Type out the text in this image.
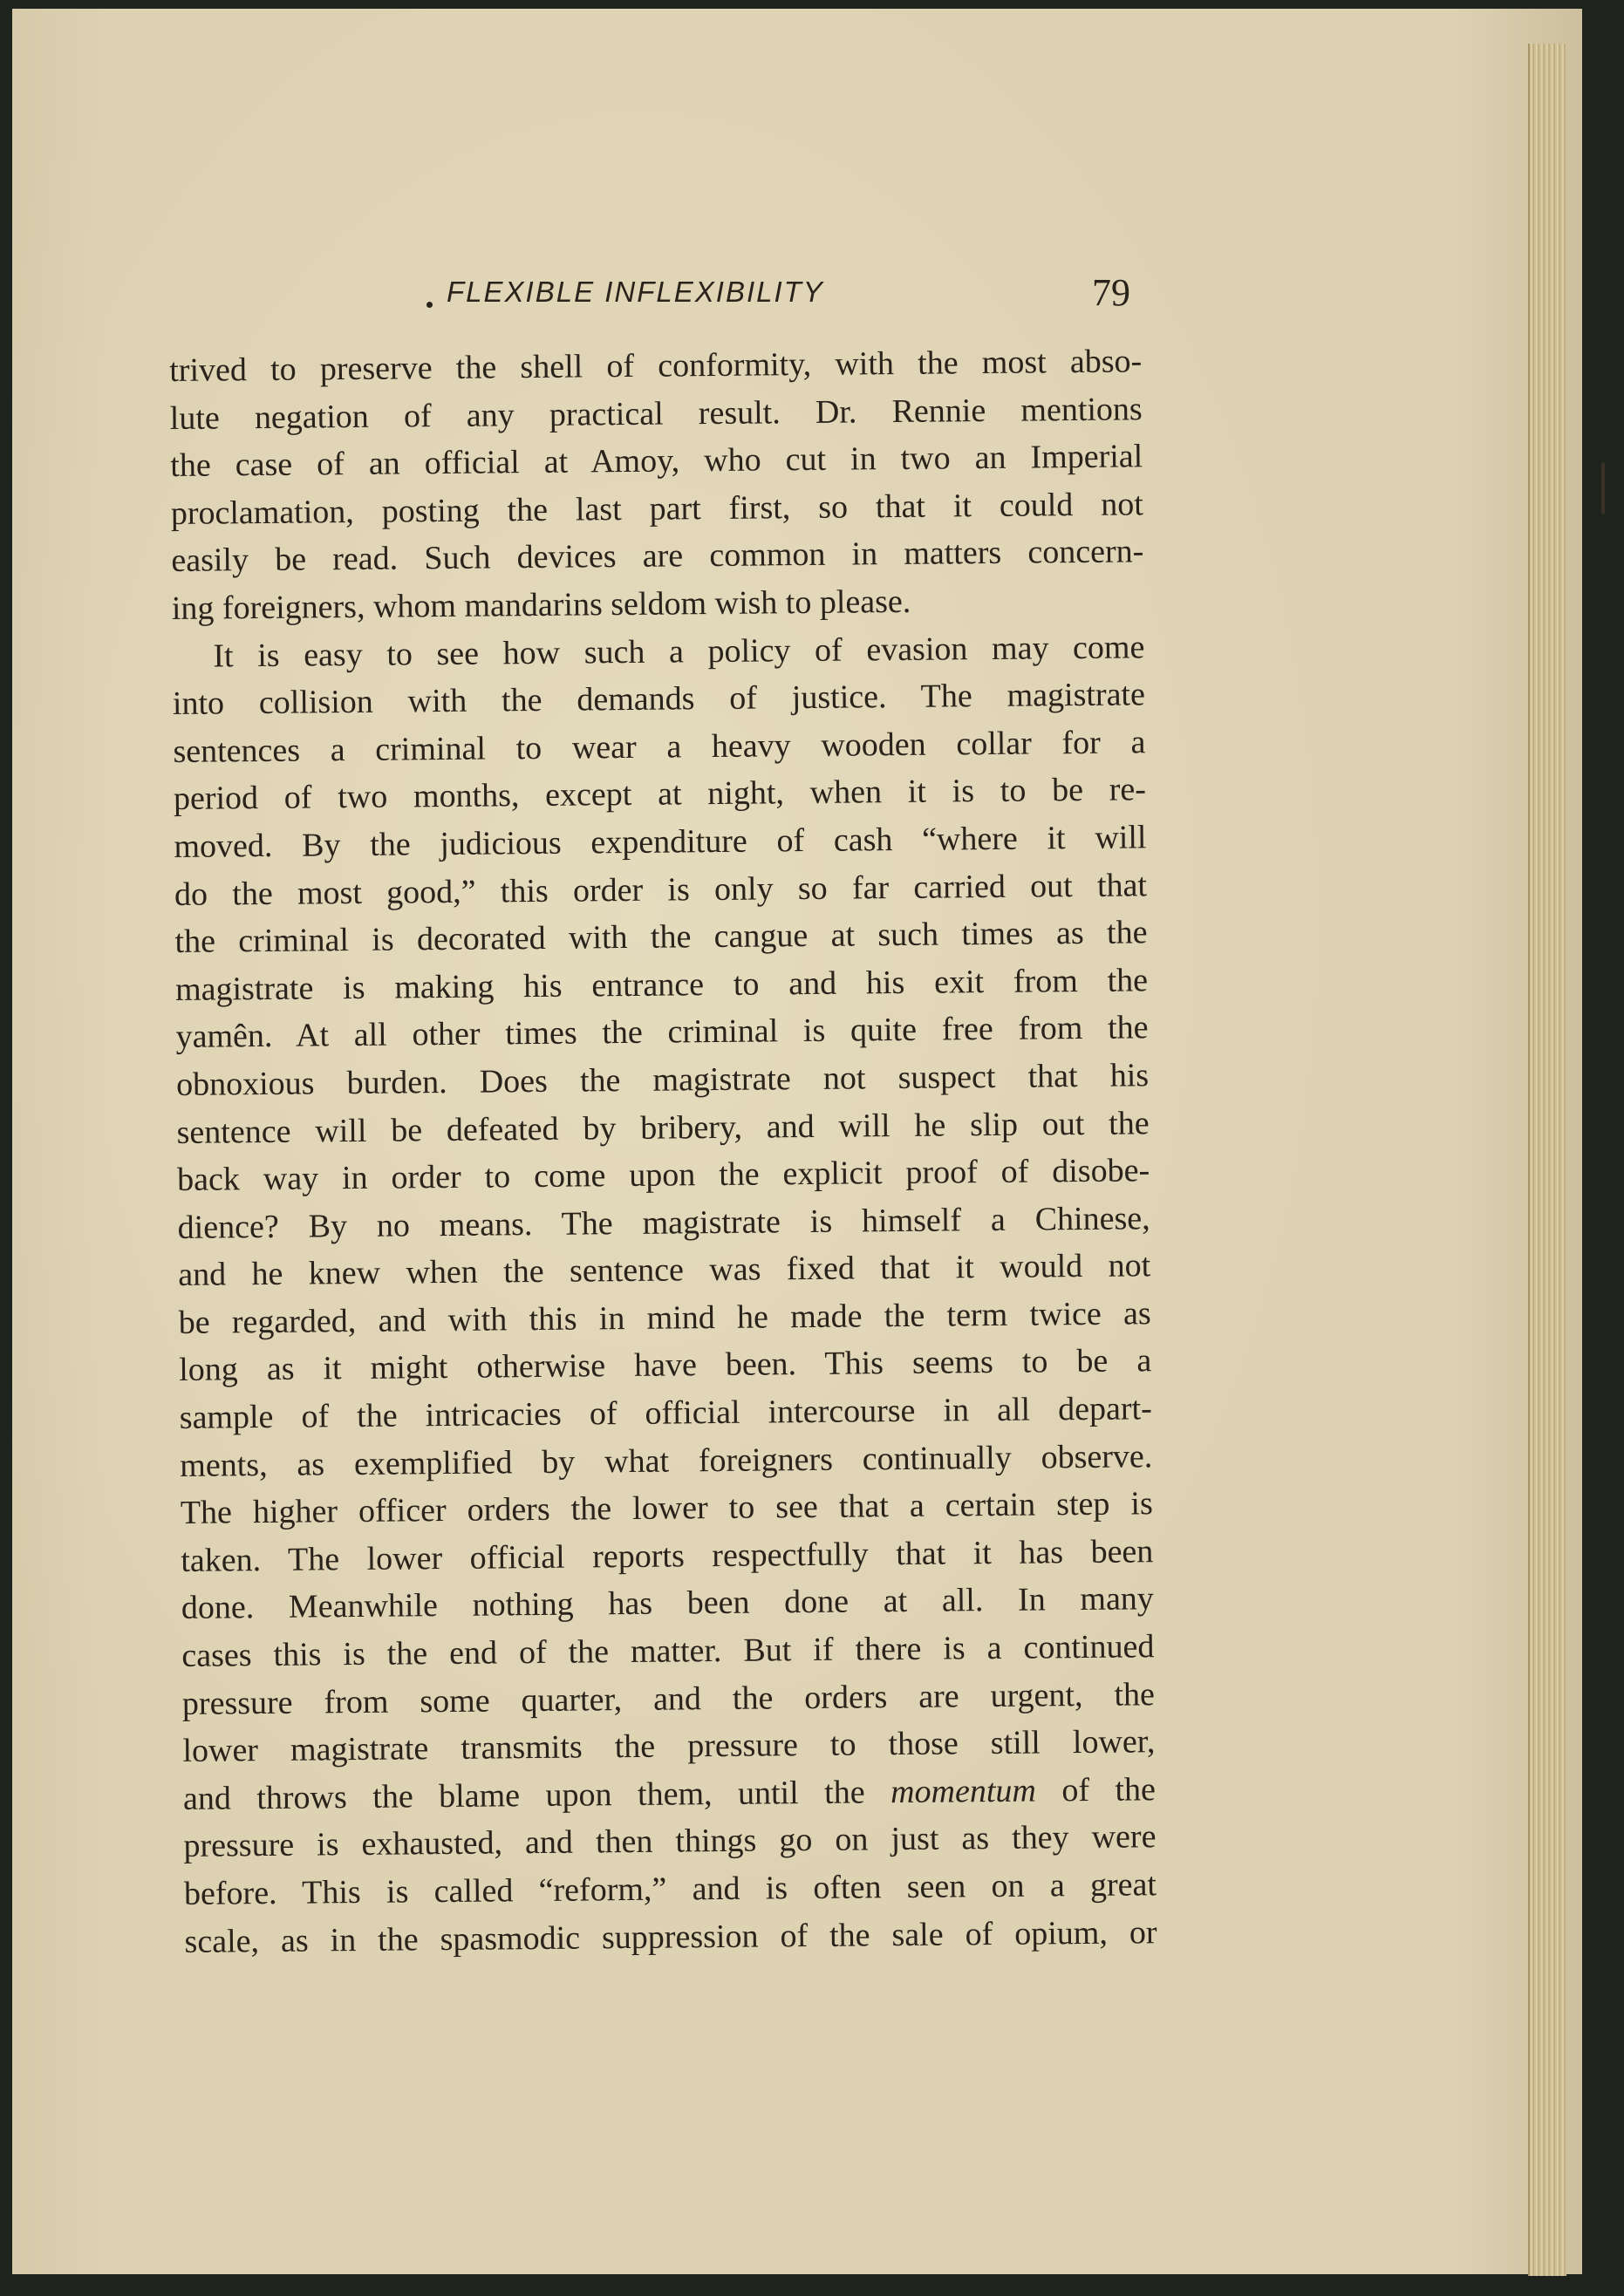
FLEXIBLE INFLEXIBILITY	79
trived to preserve the shell of conformity, with the most abso-
lute negation of any practical result. Dr. Rennie mentions
the case of an official at Amoy, who cut in two an Imperial
proclamation, posting the last part first, so that it could not
easily be read. Such devices are common in matters concern-
ing foreigners, whom mandarins seldom wish to please.
It is easy to see how such a policy of evasion may come
into collision with the demands of justice. The magistrate
sentences a criminal to wear a heavy wooden collar for a
period of two months, except at night, when it is to be re-
moved. By the judicious expenditure of cash “where it will
do the most good,” this order is only so far carried out that
the criminal is decorated with the cangue at such times as the
magistrate is making his entrance to and his exit from the
yamên. At all other times the criminal is quite free from the
obnoxious burden. Does the magistrate not suspect that his
sentence will be defeated by bribery, and will he slip out the
back way in order to come upon the explicit proof of disobe-
dience? By no means. The magistrate is himself a Chinese,
and he knew when the sentence was fixed that it would not
be regarded, and with this in mind he made the term twice as
long as it might otherwise have been. This seems to be a
sample of the intricacies of official intercourse in all depart-
ments, as exemplified by what foreigners continually observe.
The higher officer orders the lower to see that a certain step is
taken. The lower official reports respectfully that it has been
done. Meanwhile nothing has been done at all. In many
cases this is the end of the matter. But if there is a continued
pressure from some quarter, and the orders are urgent, the
lower magistrate transmits the pressure to those still lower,
and throws the blame upon them, until the momentum of the
pressure is exhausted, and then things go on just as they were
before. This is called “reform,” and is often seen on a great
scale, as in the spasmodic suppression of the sale of opium, or
